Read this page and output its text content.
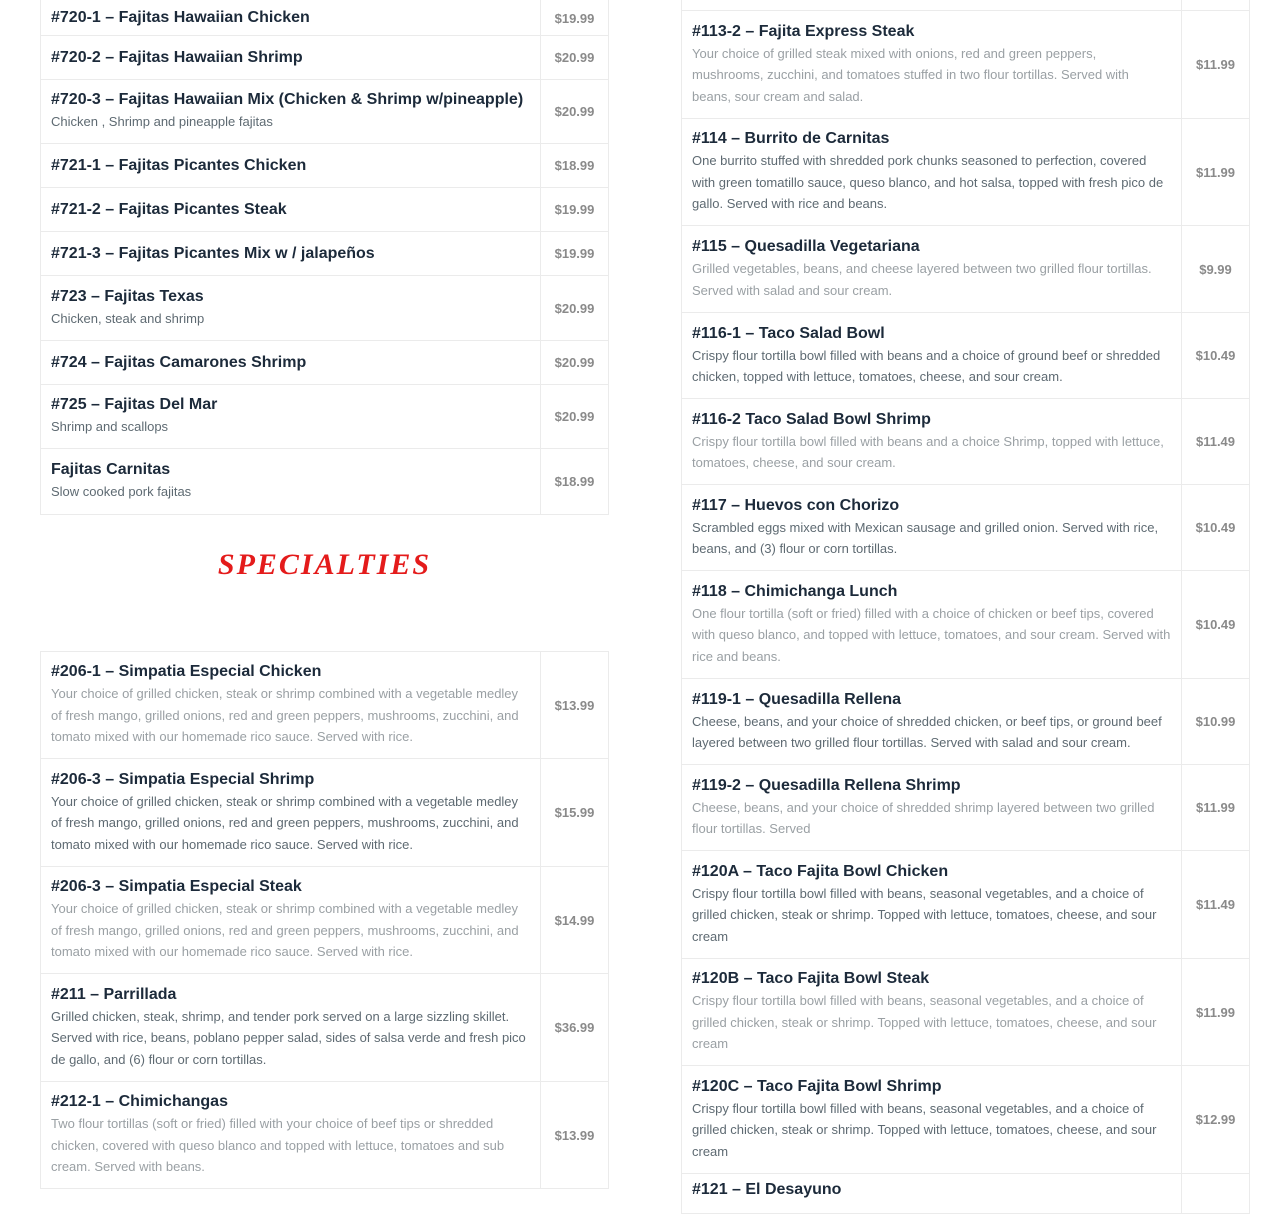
#720-1 – Fajitas Hawaiian Chicken	$19.99

#720-2 – Fajitas Hawaiian Shrimp	$20.99

#720-3 – Fajitas Hawaiian Mix (Chicken & Shrimp w/pineapple)
Chicken , Shrimp and pineapple fajitas	$20.99

#721-1 – Fajitas Picantes Chicken	$18.99

#721-2 – Fajitas Picantes Steak	$19.99

#721-3 – Fajitas Picantes Mix w / jalapeños	$19.99

#723 – Fajitas Texas
Chicken, steak and shrimp	$20.99

#724 – Fajitas Camarones Shrimp	$20.99

#725 – Fajitas Del Mar
Shrimp and scallops	$20.99

Fajitas Carnitas
Slow cooked pork fajitas	$18.99
SPECIALTIES
#206-1 – Simpatia Especial Chicken
Your choice of grilled chicken, steak or shrimp combined with a vegetable medley of fresh mango, grilled onions, red and green peppers, mushrooms, zucchini, and tomato mixed with our homemade rico sauce. Served with rice.	$13.99

#206-3 – Simpatia Especial Shrimp
Your choice of grilled chicken, steak or shrimp combined with a vegetable medley of fresh mango, grilled onions, red and green peppers, mushrooms, zucchini, and tomato mixed with our homemade rico sauce. Served with rice.	$15.99

#206-3 – Simpatia Especial Steak
Your choice of grilled chicken, steak or shrimp combined with a vegetable medley of fresh mango, grilled onions, red and green peppers, mushrooms, zucchini, and tomato mixed with our homemade rico sauce. Served with rice.	$14.99

#211 – Parrillada
Grilled chicken, steak, shrimp, and tender pork served on a large sizzling skillet. Served with rice, beans, poblano pepper salad, sides of salsa verde and fresh pico de gallo, and (6) flour or corn tortillas.	$36.99

#212-1 – Chimichangas
Two flour tortillas (soft or fried) filled with your choice of beef tips or shredded chicken, covered with queso blanco and topped with lettuce, tomatoes and sub cream. Served with beans.	$13.99

#113-2 – Fajita Express Steak
Your choice of grilled steak mixed with onions, red and green peppers, mushrooms, zucchini, and tomatoes stuffed in two flour tortillas. Served with beans, sour cream and salad.	$11.99

#114 – Burrito de Carnitas
One burrito stuffed with shredded pork chunks seasoned to perfection, covered with green tomatillo sauce, queso blanco, and hot salsa, topped with fresh pico de gallo. Served with rice and beans.	$11.99

#115 – Quesadilla Vegetariana
Grilled vegetables, beans, and cheese layered between two grilled flour tortillas. Served with salad and sour cream.	$9.99

#116-1 – Taco Salad Bowl
Crispy flour tortilla bowl filled with beans and a choice of ground beef or shredded chicken, topped with lettuce, tomatoes, cheese, and sour cream.	$10.49

#116-2 Taco Salad Bowl Shrimp
Crispy flour tortilla bowl filled with beans and a choice Shrimp, topped with lettuce, tomatoes, cheese, and sour cream.	$11.49

#117 – Huevos con Chorizo
Scrambled eggs mixed with Mexican sausage and grilled onion. Served with rice, beans, and (3) flour or corn tortillas.	$10.49

#118 – Chimichanga Lunch
One flour tortilla (soft or fried) filled with a choice of chicken or beef tips, covered with queso blanco, and topped with lettuce, tomatoes, and sour cream. Served with rice and beans.	$10.49

#119-1 – Quesadilla Rellena
Cheese, beans, and your choice of shredded chicken, or beef tips, or ground beef layered between two grilled flour tortillas. Served with salad and sour cream.	$10.99

#119-2 – Quesadilla Rellena Shrimp
Cheese, beans, and your choice of shredded shrimp layered between two grilled flour tortillas. Served	$11.99

#120A – Taco Fajita Bowl Chicken
Crispy flour tortilla bowl filled with beans, seasonal vegetables, and a choice of grilled chicken, steak or shrimp. Topped with lettuce, tomatoes, cheese, and sour cream	$11.49

#120B – Taco Fajita Bowl Steak
Crispy flour tortilla bowl filled with beans, seasonal vegetables, and a choice of grilled chicken, steak or shrimp. Topped with lettuce, tomatoes, cheese, and sour cream	$11.99

#120C – Taco Fajita Bowl Shrimp
Crispy flour tortilla bowl filled with beans, seasonal vegetables, and a choice of grilled chicken, steak or shrimp. Topped with lettuce, tomatoes, cheese, and sour cream	$12.99

#121 – El Desayuno	
